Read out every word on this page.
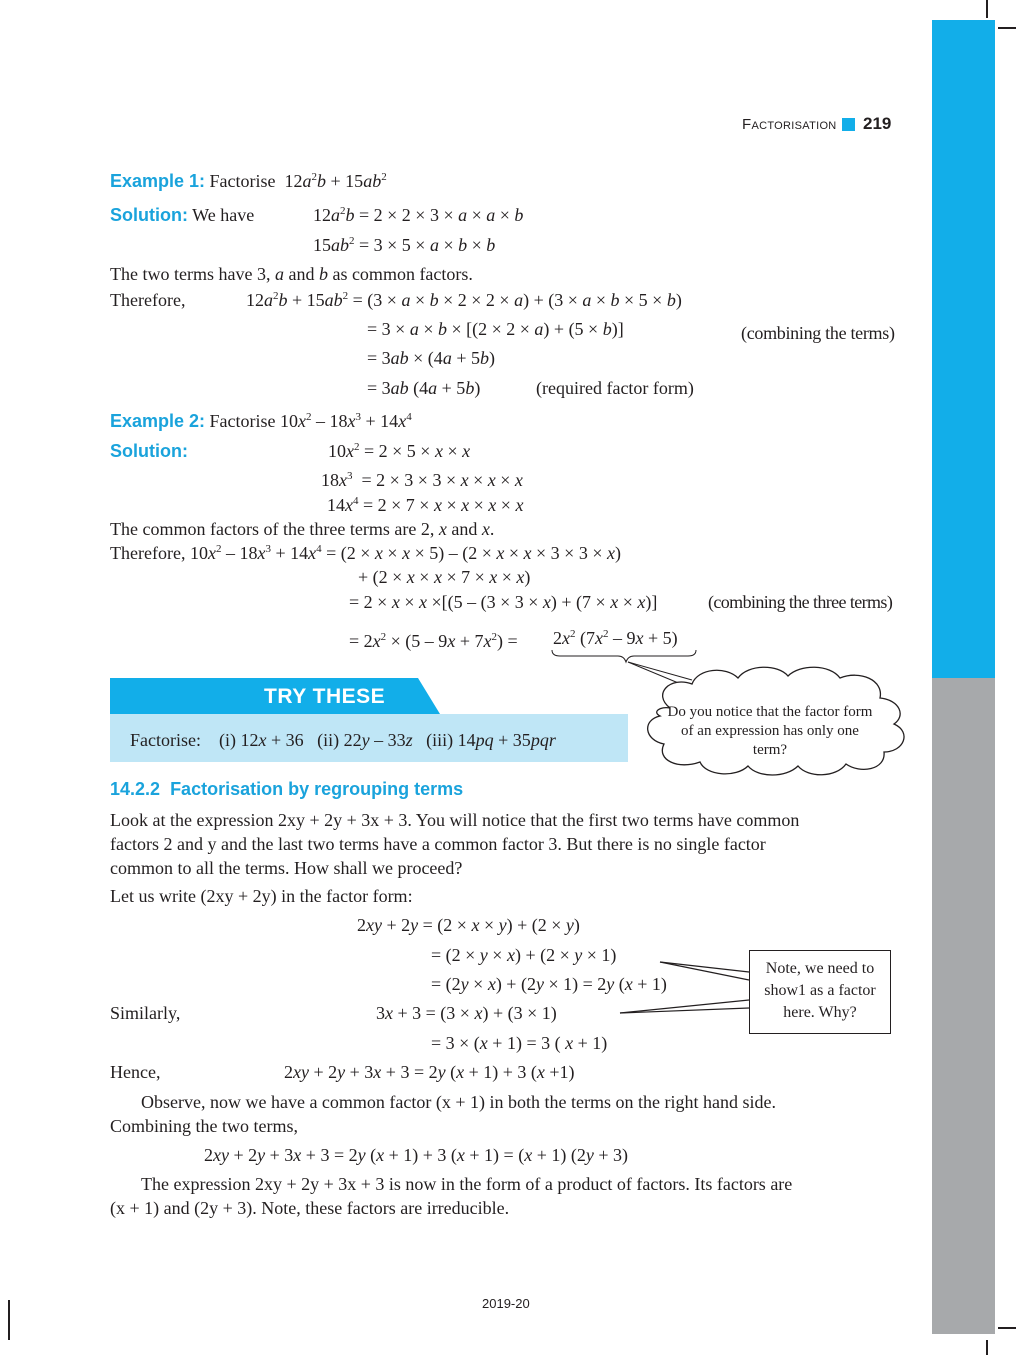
Factorisation 219
Example 1: Factorise  $12a^2b + 15ab^2$
Solution: We have	$12a^2b = 2 \times 2 \times 3 \times a \times a \times b$
$15ab^2 = 3 \times 5 \times a \times b \times b$
The two terms have 3, a and b as common factors.
Therefore,	$12a^2b + 15ab^2 = (3 \times a \times b \times 2 \times 2 \times a) + (3 \times a \times b \times 5 \times b)$
= 3 × a × b × [(2 × 2 × a) + (5 × b)]	(combining the terms)
= 3ab × (4a + 5b)
= 3ab (4a + 5b)	(required factor form)
Example 2: Factorise $10x^2 - 18x^3 + 14x^4$
Solution:	$10x^2 = 2 \times 5 \times x \times x$
$18x^3 = 2 \times 3 \times 3 \times x \times x \times x$
$14x^4 = 2 \times 7 \times x \times x \times x \times x$
The common factors of the three terms are 2, x and x.
Therefore, $10x^2 - 18x^3 + 14x^4 = (2 \times x \times x \times 5) - (2 \times x \times x \times 3 \times 3 \times x)$
+ (2 × x × x × 7 × x × x)
= 2 × x × x ×[(5 – (3 × 3 × x) + (7 × x × x)]	(combining the three terms)
= $2x^2 \times (5 - 9x + 7x^2) = 2x^2$ $(7x^2 - 9x + 5)$
TRY THESE
Factorise: (i) 12x + 36   (ii) 22y – 33z (iii) 14pq + 35pqr
Do you notice that the factor form of an expression has only one term?
14.2.2 Factorisation by regrouping terms
Look at the expression 2xy + 2y + 3x + 3. You will notice that the first two terms have common factors 2 and y and the last two terms have a common factor 3. But there is no single factor common to all the terms. How shall we proceed?
Let us write (2xy + 2y) in the factor form:
2xy + 2y = (2 × x × y) + (2 × y)
= (2 × y × x) + (2 × y × 1)
= (2y × x) + (2y × 1) = 2y (x + 1)
Similarly,	3x + 3 = (3 × x) + (3 × 1)
= 3 × (x + 1) = 3 ( x + 1)
Hence,	2xy + 2y + 3x + 3 = 2y (x + 1) + 3 (x +1)
Note, we need to show1 as a factor here. Why?
Observe, now we have a common factor (x + 1) in both the terms on the right hand side. Combining the two terms,
2xy + 2y + 3x + 3 = 2y (x + 1) + 3 (x + 1) = (x + 1) (2y + 3)
The expression 2xy + 2y + 3x + 3 is now in the form of a product of factors. Its factors are (x + 1) and (2y + 3). Note, these factors are irreducible.
2019-20
